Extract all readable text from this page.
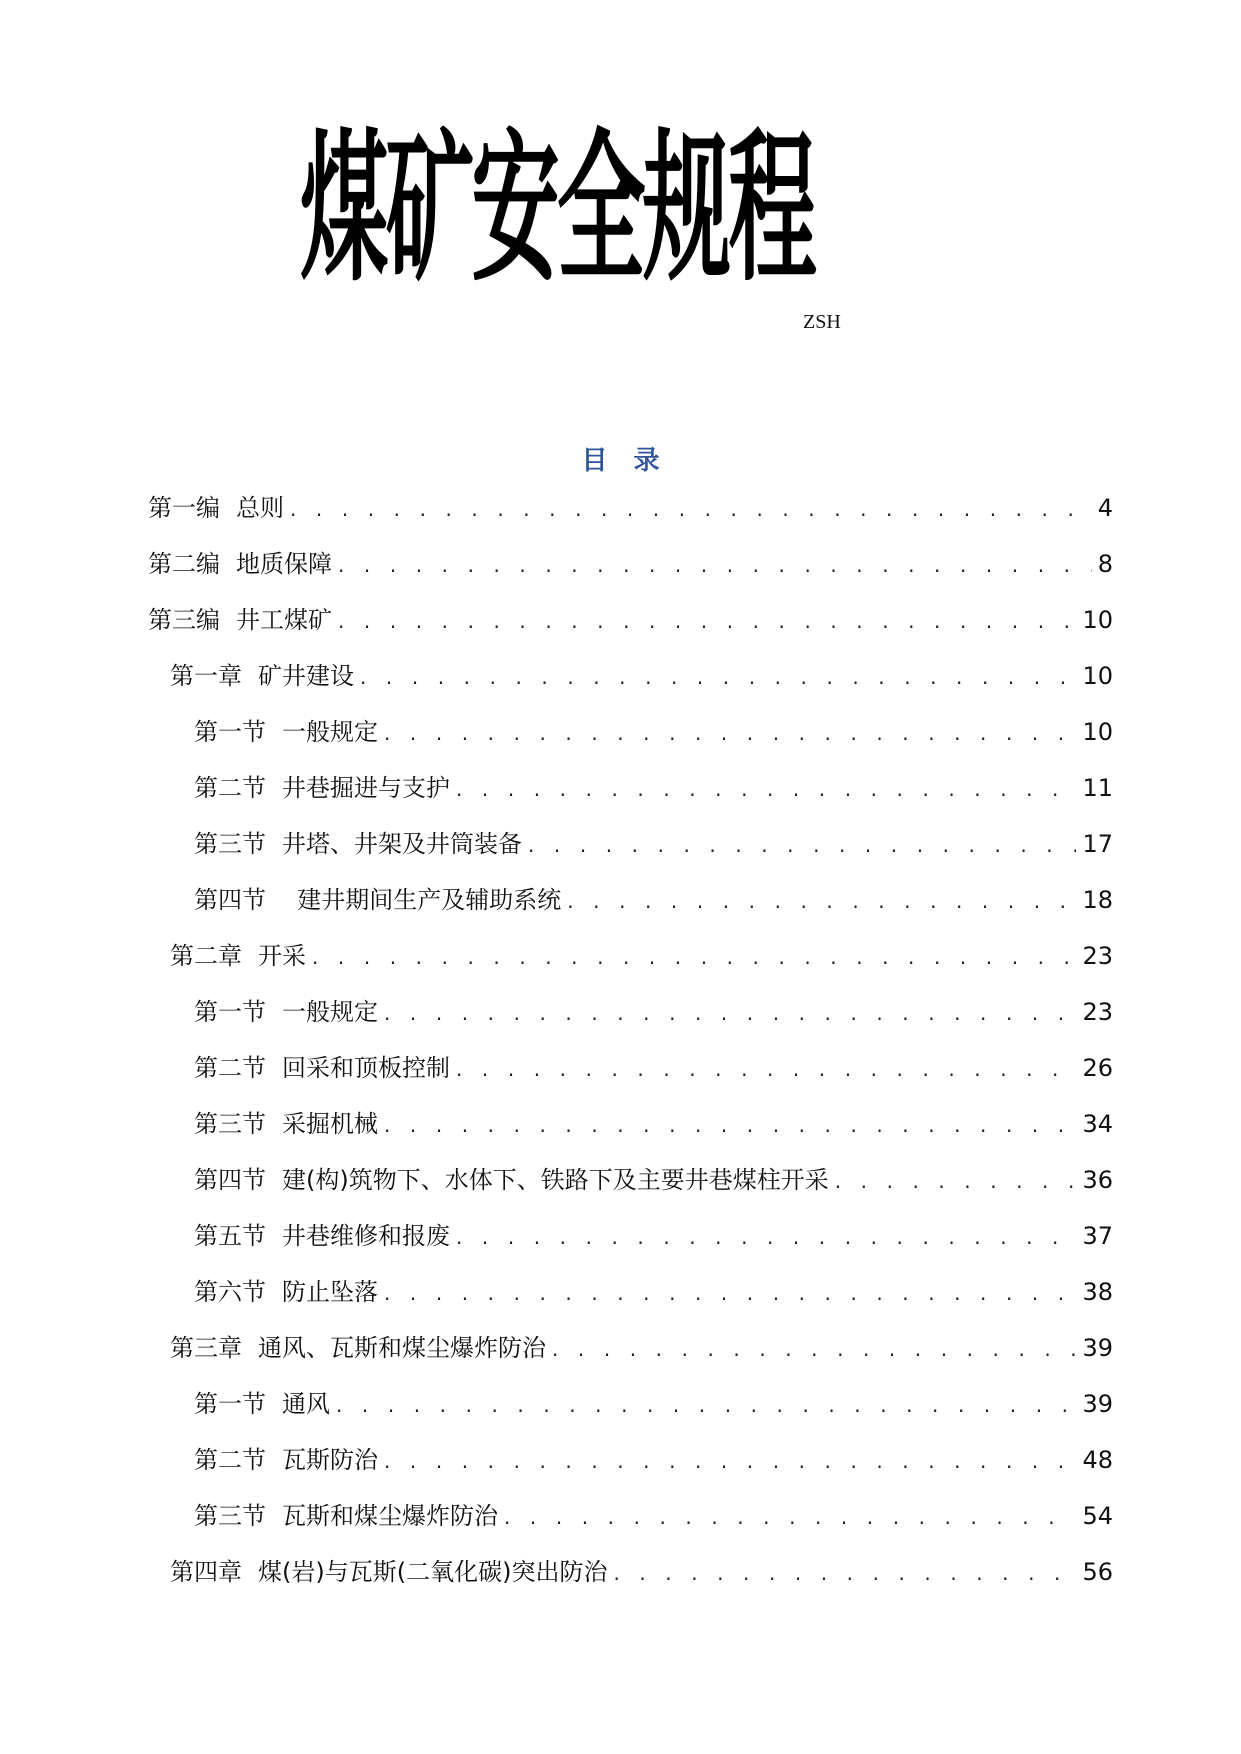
煤矿安全规程
ZSH
目　录
第一编 总则 . . .	4
第二编 地质保障 . . .	8
第三编 井工煤矿 . . .	10
第一章 矿井建设 . . .	10
第一节 一般规定 . . .	10
第二节 井巷掘进与支护 . . .	11
第三节 井塔、井架及井筒装备 . . .	17
第四节 建井期间生产及辅助系统 . . .	18
第二章 开采 . . .	23
第一节 一般规定 . . .	23
第二节 回采和顶板控制 . . .	26
第三节 采掘机械 . . .	34
第四节 建(构)筑物下、水体下、铁路下及主要井巷煤柱开采 . . .	36
第五节 井巷维修和报废 . . .	37
第六节 防止坠落 . . .	38
第三章 通风、瓦斯和煤尘爆炸防治 . . .	39
第一节 通风 . . .	39
第二节 瓦斯防治 . . .	48
第三节 瓦斯和煤尘爆炸防治 . . .	54
第四章 煤(岩)与瓦斯(二氧化碳)突出防治 . . .	56
